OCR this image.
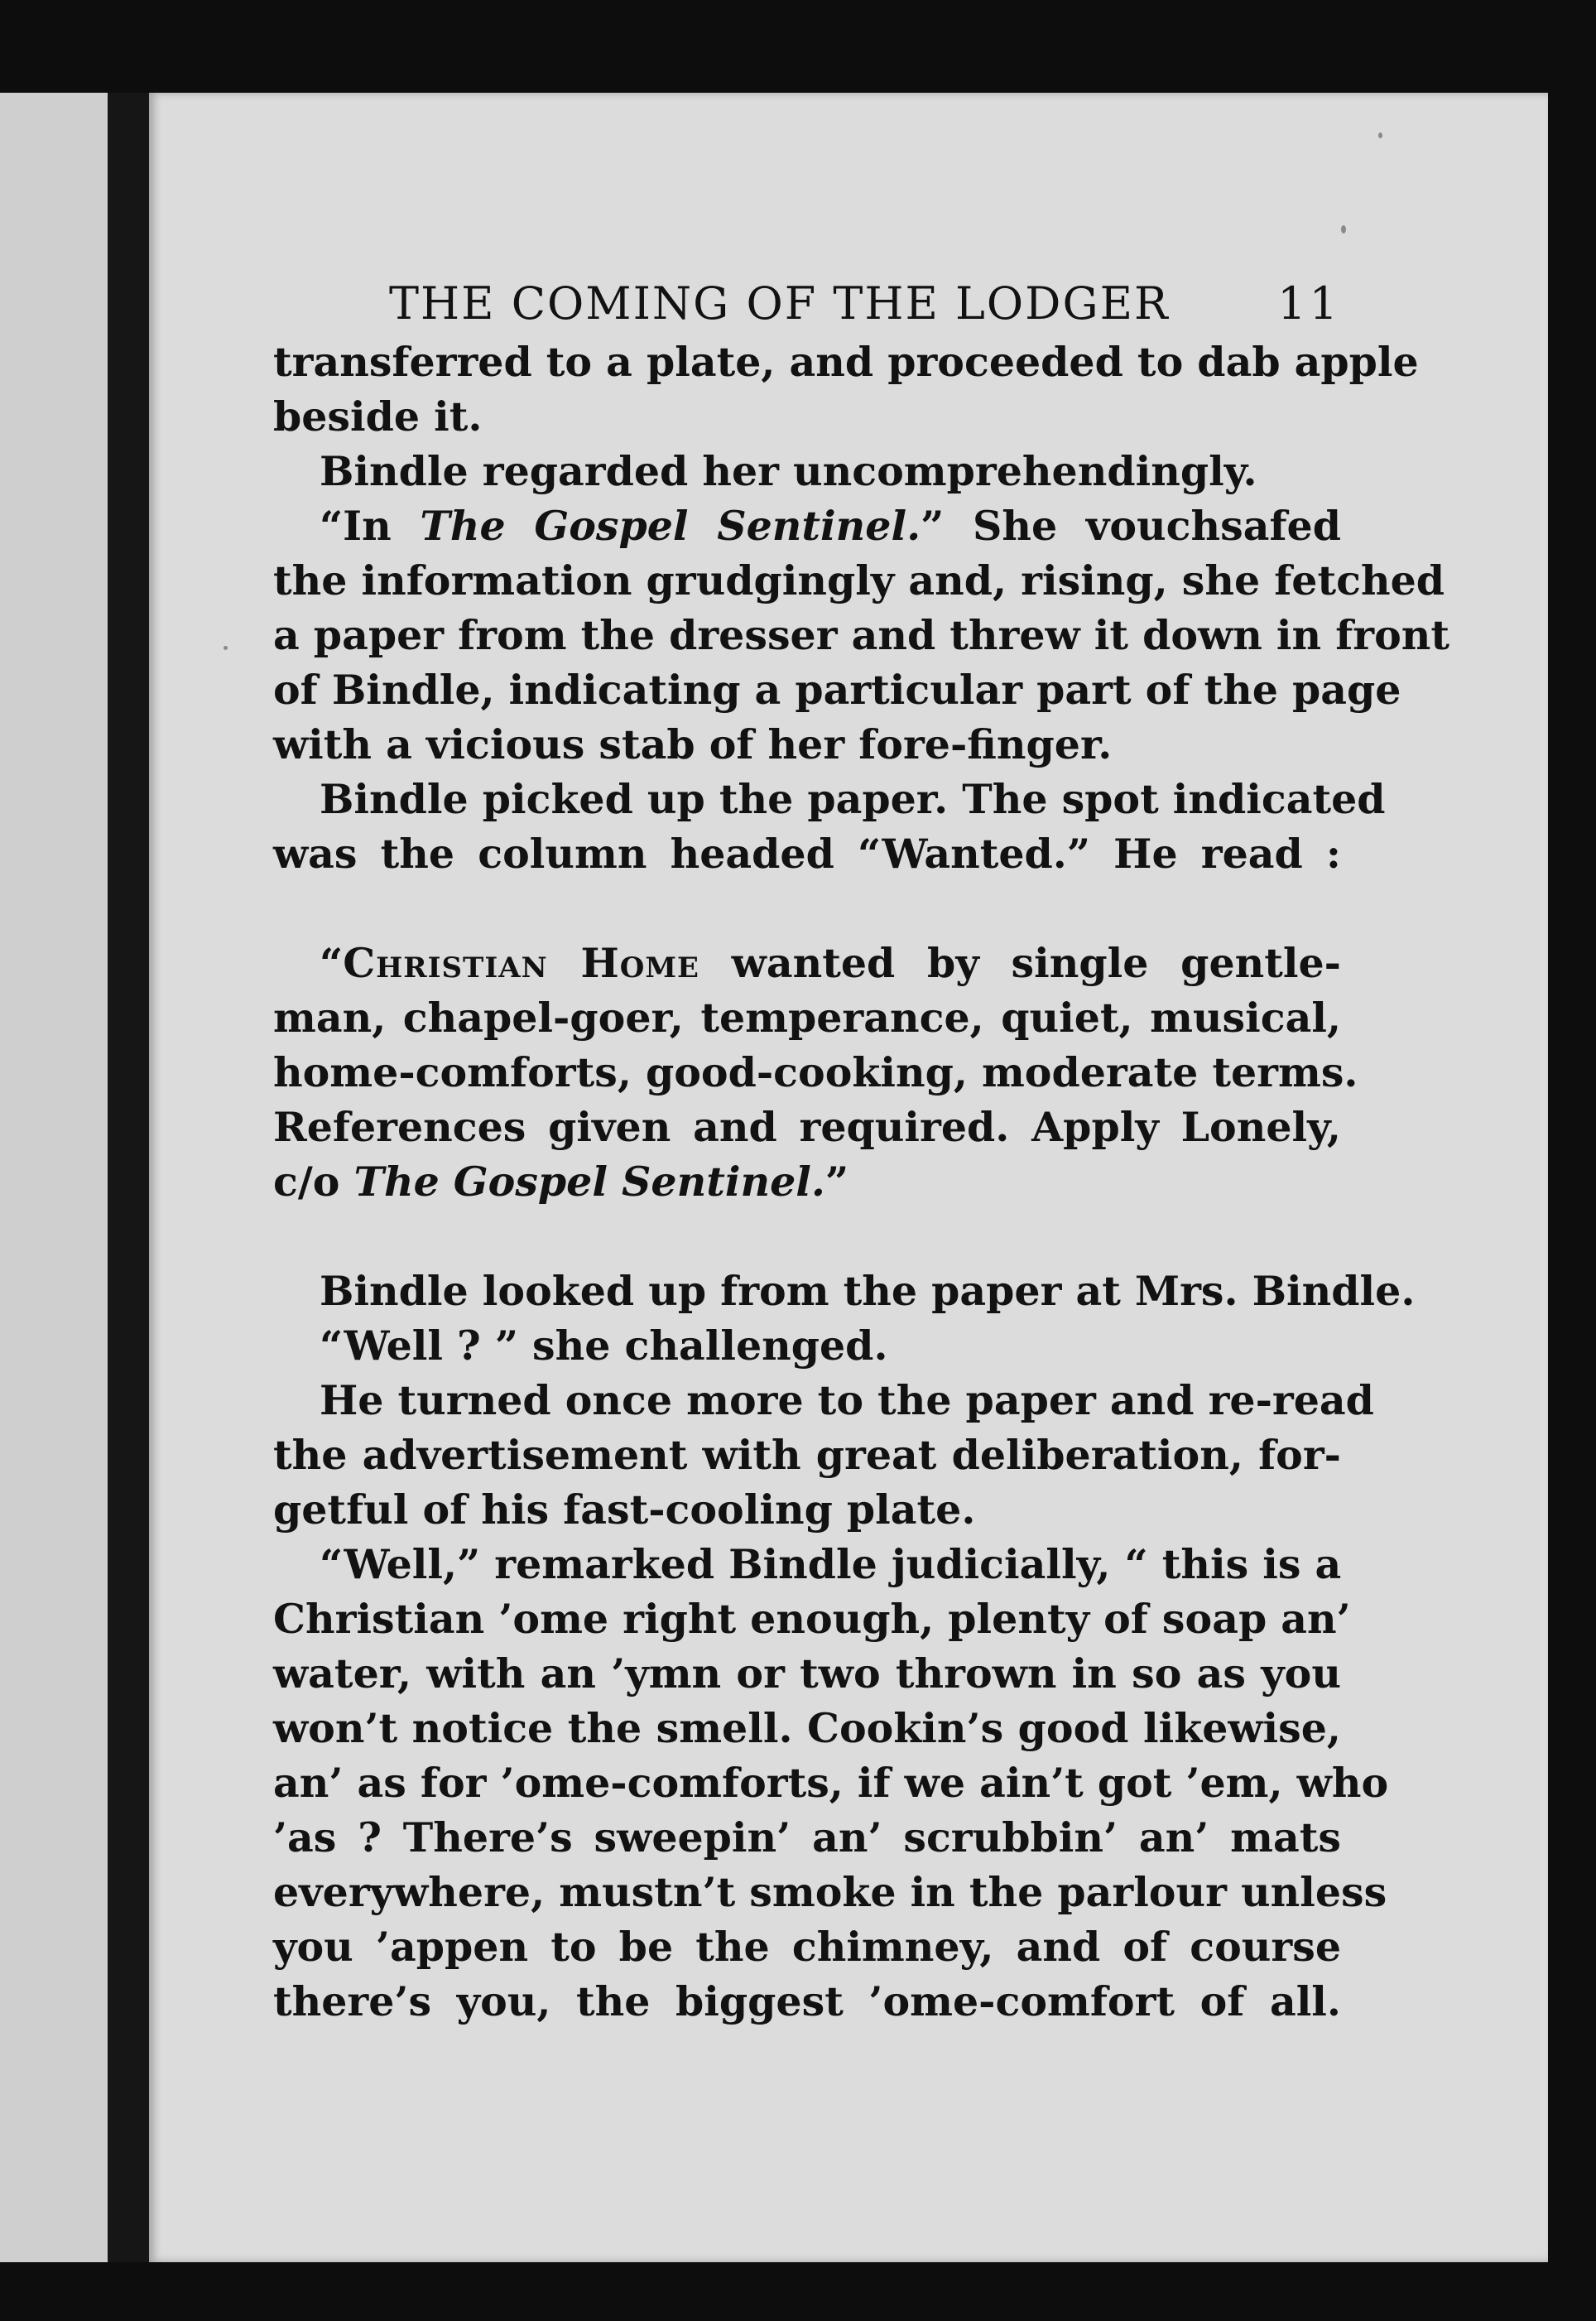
THE COMING OF THE LODGER 11
transferred to a plate, and proceeded to dab apple
beside it.
Bindle regarded her uncomprehendingly.
“In The Gospel Sentinel.” She vouchsafed
the information grudgingly and, rising, she fetched
a paper from the dresser and threw it down in front
of Bindle, indicating a particular part of the page
with a vicious stab of her fore-finger.
Bindle picked up the paper. The spot indicated
was the column headed “Wanted.” He read :
“Christian Home wanted by single gentle-
man, chapel-goer, temperance, quiet, musical,
home-comforts, good-cooking, moderate terms.
References given and required. Apply Lonely,
c/o The Gospel Sentinel.”
Bindle looked up from the paper at Mrs. Bindle.
“Well ? ” she challenged.
He turned once more to the paper and re-read
the advertisement with great deliberation, for-
getful of his fast-cooling plate.
“Well,” remarked Bindle judicially, “ this is a
Christian ’ome right enough, plenty of soap an’
water, with an ’ymn or two thrown in so as you
won’t notice the smell. Cookin’s good likewise,
an’ as for ’ome-comforts, if we ain’t got ’em, who
’as ? There’s sweepin’ an’ scrubbin’ an’ mats
everywhere, mustn’t smoke in the parlour unless
you ’appen to be the chimney, and of course
there’s you, the biggest ’ome-comfort of all.
